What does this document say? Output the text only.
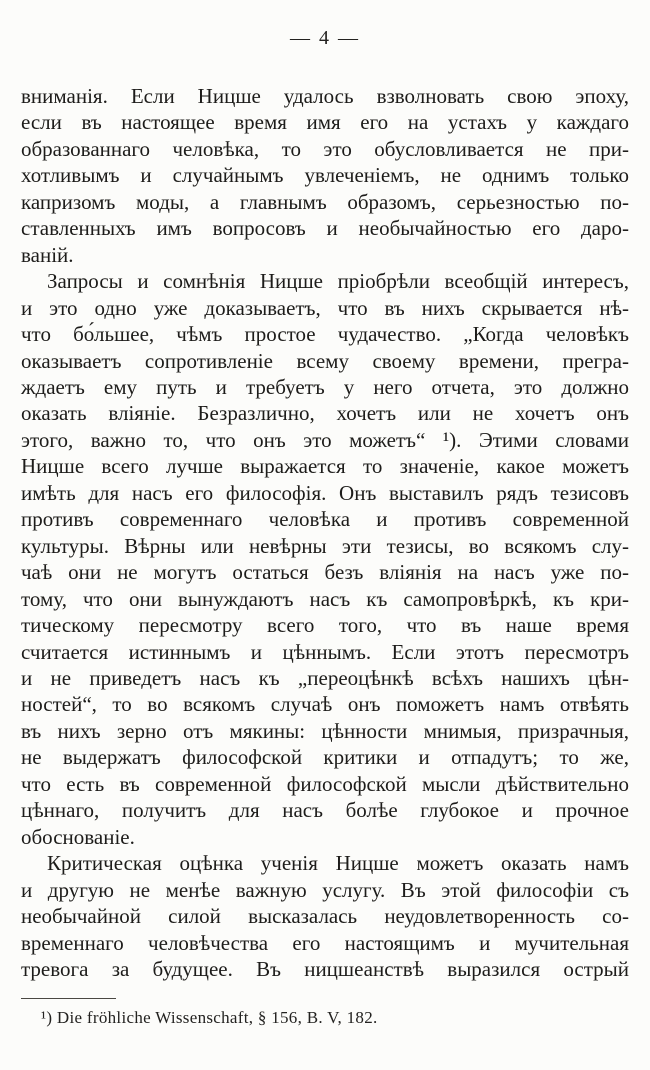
— 4 —
вниманія. Если Ницше удалось взволновать свою эпоху,
если въ настоящее время имя его на устахъ у каждаго
образованнаго человѣка, то это обусловливается не при-
хотливымъ и случайнымъ увлеченіемъ, не однимъ только
капризомъ моды, а главнымъ образомъ, серьезностью по-
ставленныхъ имъ вопросовъ и необычайностью его даро-
ваній.
Запросы и сомнѣнія Ницше пріобрѣли всеобщій интересъ,
и это одно уже доказываетъ, что въ нихъ скрывается нѣ-
что бо́льшее, чѣмъ простое чудачество. „Когда человѣкъ
оказываетъ сопротивленіе всему своему времени, прегра-
ждаетъ ему путь и требуетъ у него отчета, это должно
оказать вліяніе. Безразлично, хочетъ или не хочетъ онъ
этого, важно то, что онъ это можетъ“ ¹). Этими словами
Ницше всего лучше выражается то значеніе, какое можетъ
имѣть для насъ его философія. Онъ выставилъ рядъ тезисовъ
противъ современнаго человѣка и противъ современной
культуры. Вѣрны или невѣрны эти тезисы, во всякомъ слу-
чаѣ они не могутъ остаться безъ вліянія на насъ уже по-
тому, что они вынуждаютъ насъ къ самопровѣркѣ, къ кри-
тическому пересмотру всего того, что въ наше время
считается истиннымъ и цѣннымъ. Если этотъ пересмотръ
и не приведетъ насъ къ „переоцѣнкѣ всѣхъ нашихъ цѣн-
ностей“, то во всякомъ случаѣ онъ поможетъ намъ отвѣять
въ нихъ зерно отъ мякины: цѣнности мнимыя, призрачныя,
не выдержатъ философской критики и отпадутъ; то же,
что есть въ современной философской мысли дѣйствительно
цѣннаго, получитъ для насъ болѣе глубокое и прочное
обоснованіе.
Критическая оцѣнка ученія Ницше можетъ оказать намъ
и другую не менѣе важную услугу. Въ этой философіи съ
необычайной силой высказалась неудовлетворенность со-
временнаго человѣчества его настоящимъ и мучительная
тревога за будущее. Въ ницшеанствѣ выразился острый
¹) Die fröhliche Wissenschaft, § 156, B. V, 182.
